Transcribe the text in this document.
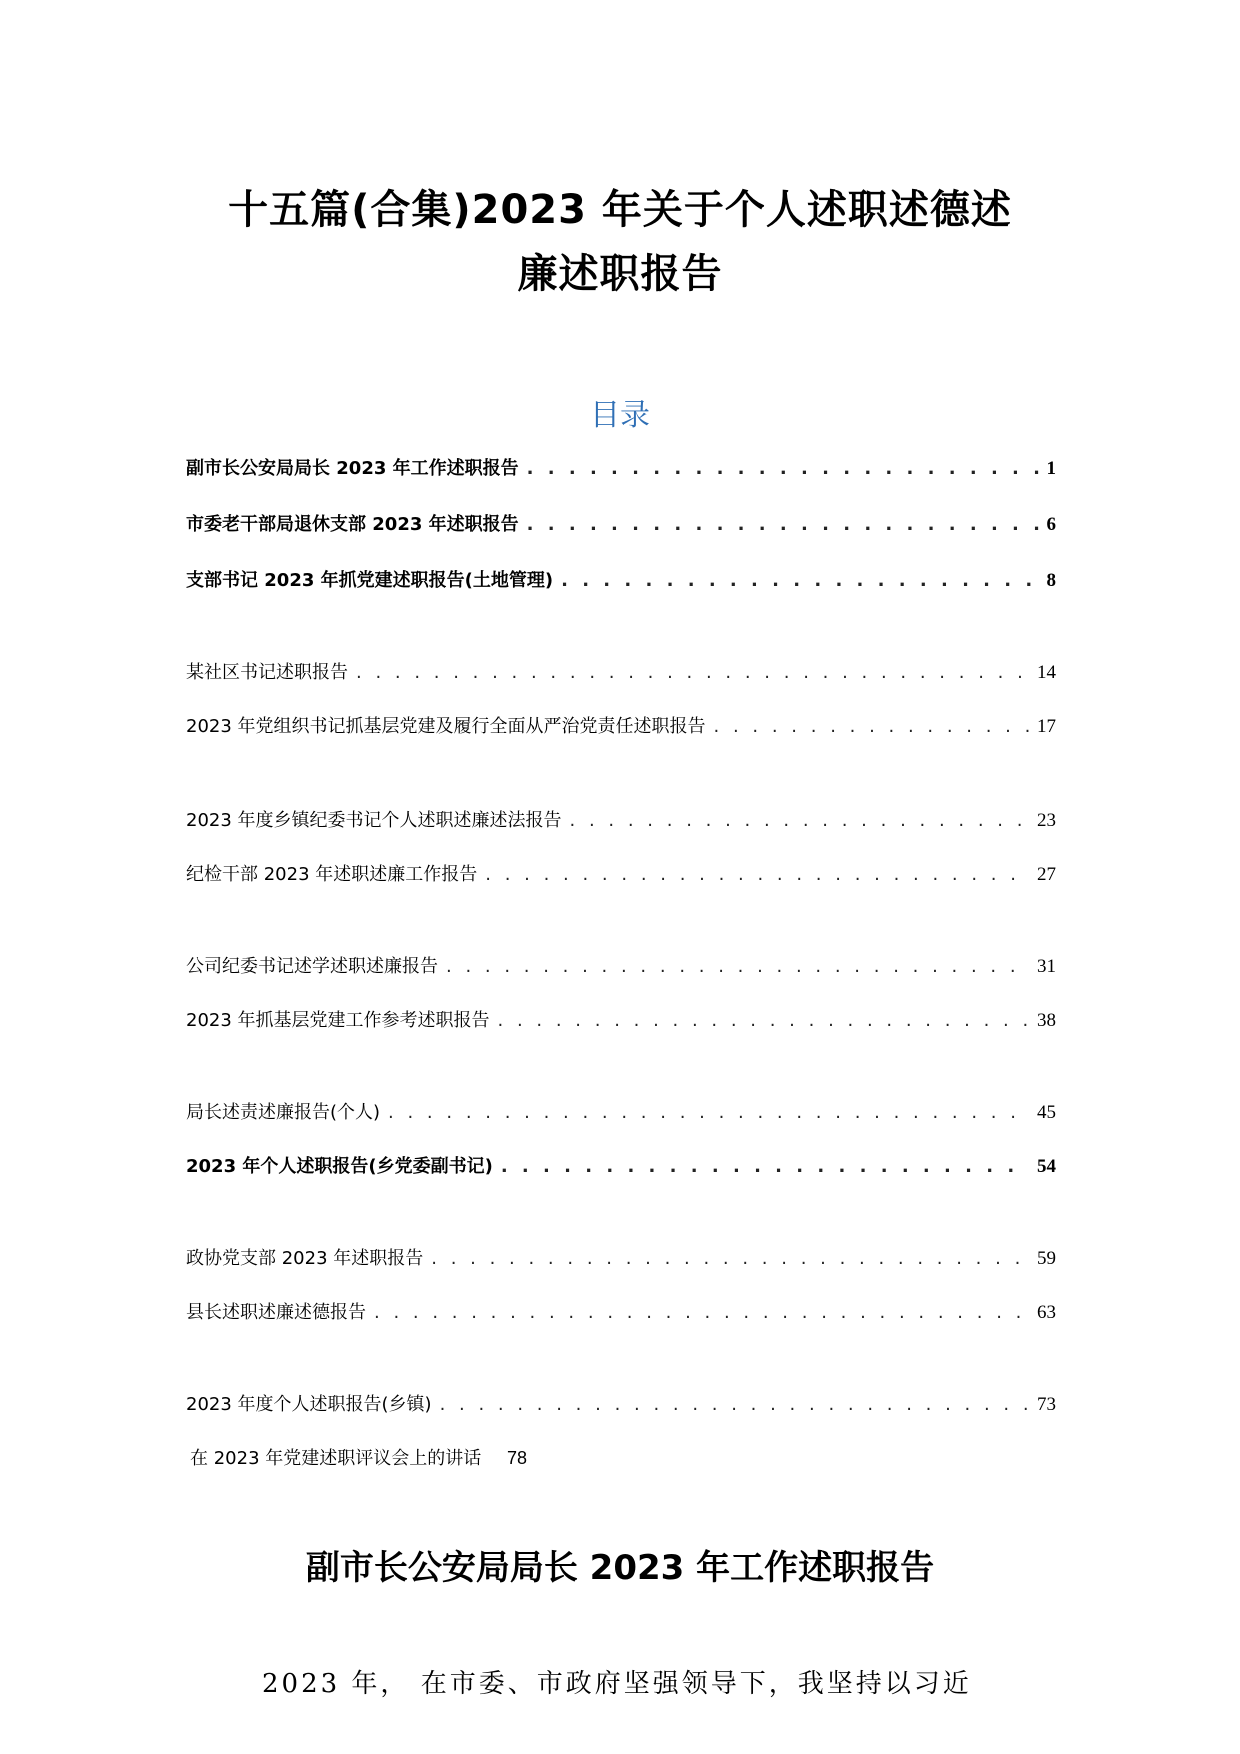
十五篇(合集)2023 年关于个人述职述德述
廉述职报告
目录
副市长公安局局长 2023 年工作述职报告 . . .	1
市委老干部局退休支部 2023 年述职报告 . . .	6
支部书记 2023 年抓党建述职报告(土地管理) . . .	8
某社区书记述职报告 . . .	14
2023 年党组织书记抓基层党建及履行全面从严治党责任述职报告 . . .	17
2023 年度乡镇纪委书记个人述职述廉述法报告 . . .	23
纪检干部 2023 年述职述廉工作报告 . . .	27
公司纪委书记述学述职述廉报告 . . .	31
2023 年抓基层党建工作参考述职报告 . . .	38
局长述责述廉报告(个人) . . .	45
2023 年个人述职报告(乡党委副书记) . . .	54
政协党支部 2023 年述职报告 . . .	59
县长述职述廉述德报告 . . .	63
2023 年度个人述职报告(乡镇) . . .	73
在 2023 年党建述职评议会上的讲话 78
副市长公安局局长 2023 年工作述职报告
2023 年， 在市委、市政府坚强领导下，我坚持以习近
